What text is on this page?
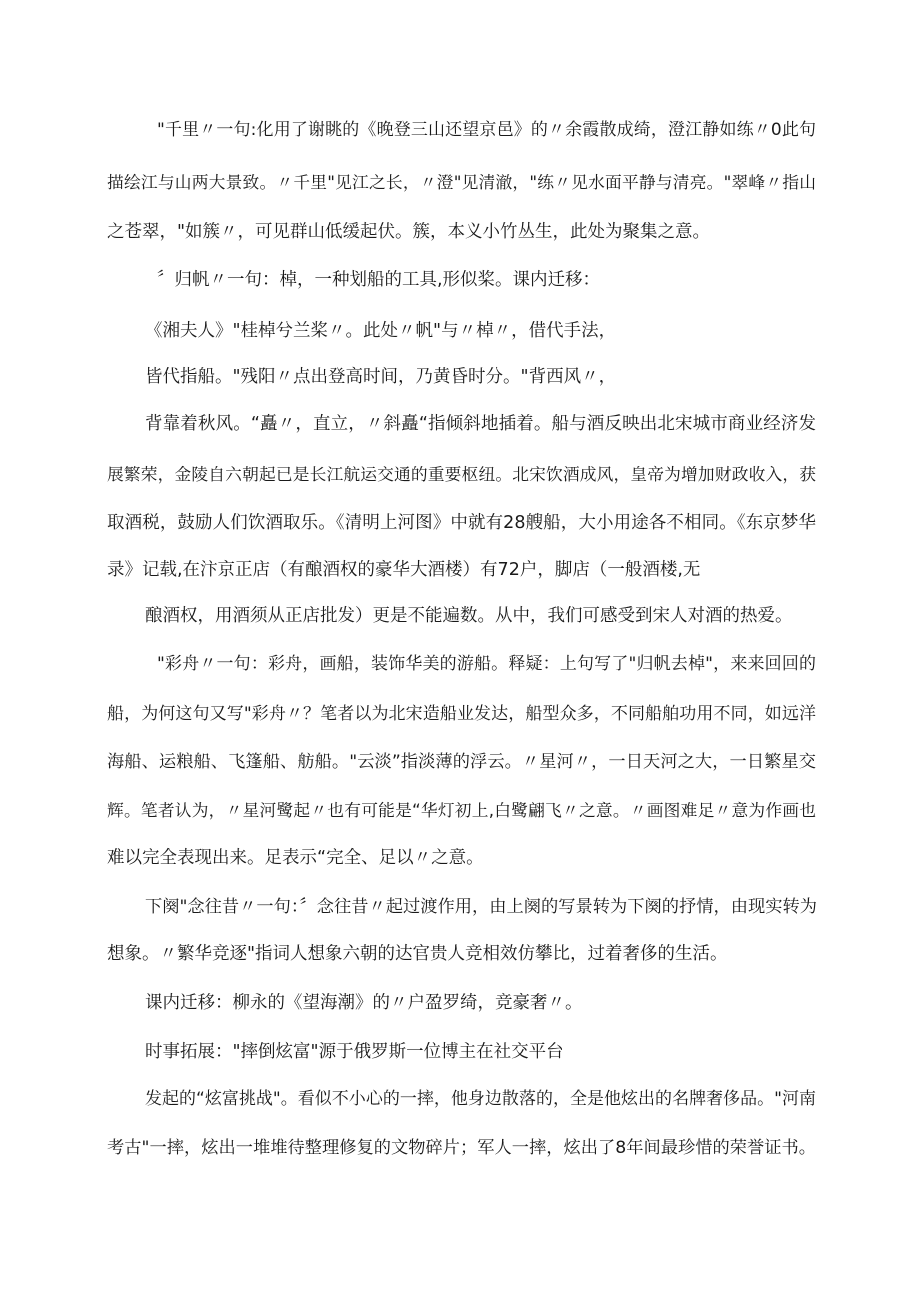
"千里〃一句:化用了谢眺的《晚登三山还望京邑》的〃余霞散成绮，澄江静如练〃0此句
描绘江与山两大景致。〃千里"见江之长，〃澄"见清澈，"练〃见水面平静与清亮。"翠峰〃指山
之苍翠，"如簇〃，可见群山低缓起伏。簇，本义小竹丛生，此处为聚集之意。
〞归帆〃一句：棹，一种划船的工具,形似桨。课内迁移：
《湘夫人》"桂棹兮兰桨〃。此处〃帆"与〃棹〃，借代手法，
皆代指船。"残阳〃点出登高时间，乃黄昏时分。"背西风〃，
背靠着秋风。“矗〃，直立，〃斜矗“指倾斜地插着。船与酒反映出北宋城市商业经济发
展繁荣，金陵自六朝起已是长江航运交通的重要枢纽。北宋饮酒成风，皇帝为增加财政收入，获
取酒税，鼓励人们饮酒取乐。《清明上河图》中就有28艘船，大小用途各不相同。《东京梦华
录》记载,在汴京正店（有酿酒权的豪华大酒楼）有72户，脚店（一般酒楼,无
酿酒权，用酒须从正店批发）更是不能遍数。从中，我们可感受到宋人对酒的热爱。
"彩舟〃一句：彩舟，画船，装饰华美的游船。释疑：上句写了"归帆去棹"，来来回回的
船，为何这句又写"彩舟〃？笔者以为北宋造船业发达，船型众多，不同船舶功用不同，如远洋
海船、运粮船、飞篷船、舫船。"云淡”指淡薄的浮云。〃星河〃，一日天河之大，一日繁星交
辉。笔者认为，〃星河鹭起〃也有可能是“华灯初上,白鹭翩飞〃之意。〃画图难足〃意为作画也
难以完全表现出来。足表示“完全、足以〃之意。
下阕"念往昔〃一句：〞念往昔〃起过渡作用，由上阕的写景转为下阕的抒情，由现实转为
想象。〃繁华竞逐"指词人想象六朝的达官贵人竞相效仿攀比，过着奢侈的生活。
课内迁移：柳永的《望海潮》的〃户盈罗绮，竞豪奢〃。
时事拓展："摔倒炫富"源于俄罗斯一位博主在社交平台
发起的“炫富挑战"。看似不小心的一摔，他身边散落的，全是他炫出的名牌奢侈品。"河南
考古"一摔，炫出一堆堆待整理修复的文物碎片；军人一摔，炫出了8年间最珍惜的荣誉证书。
